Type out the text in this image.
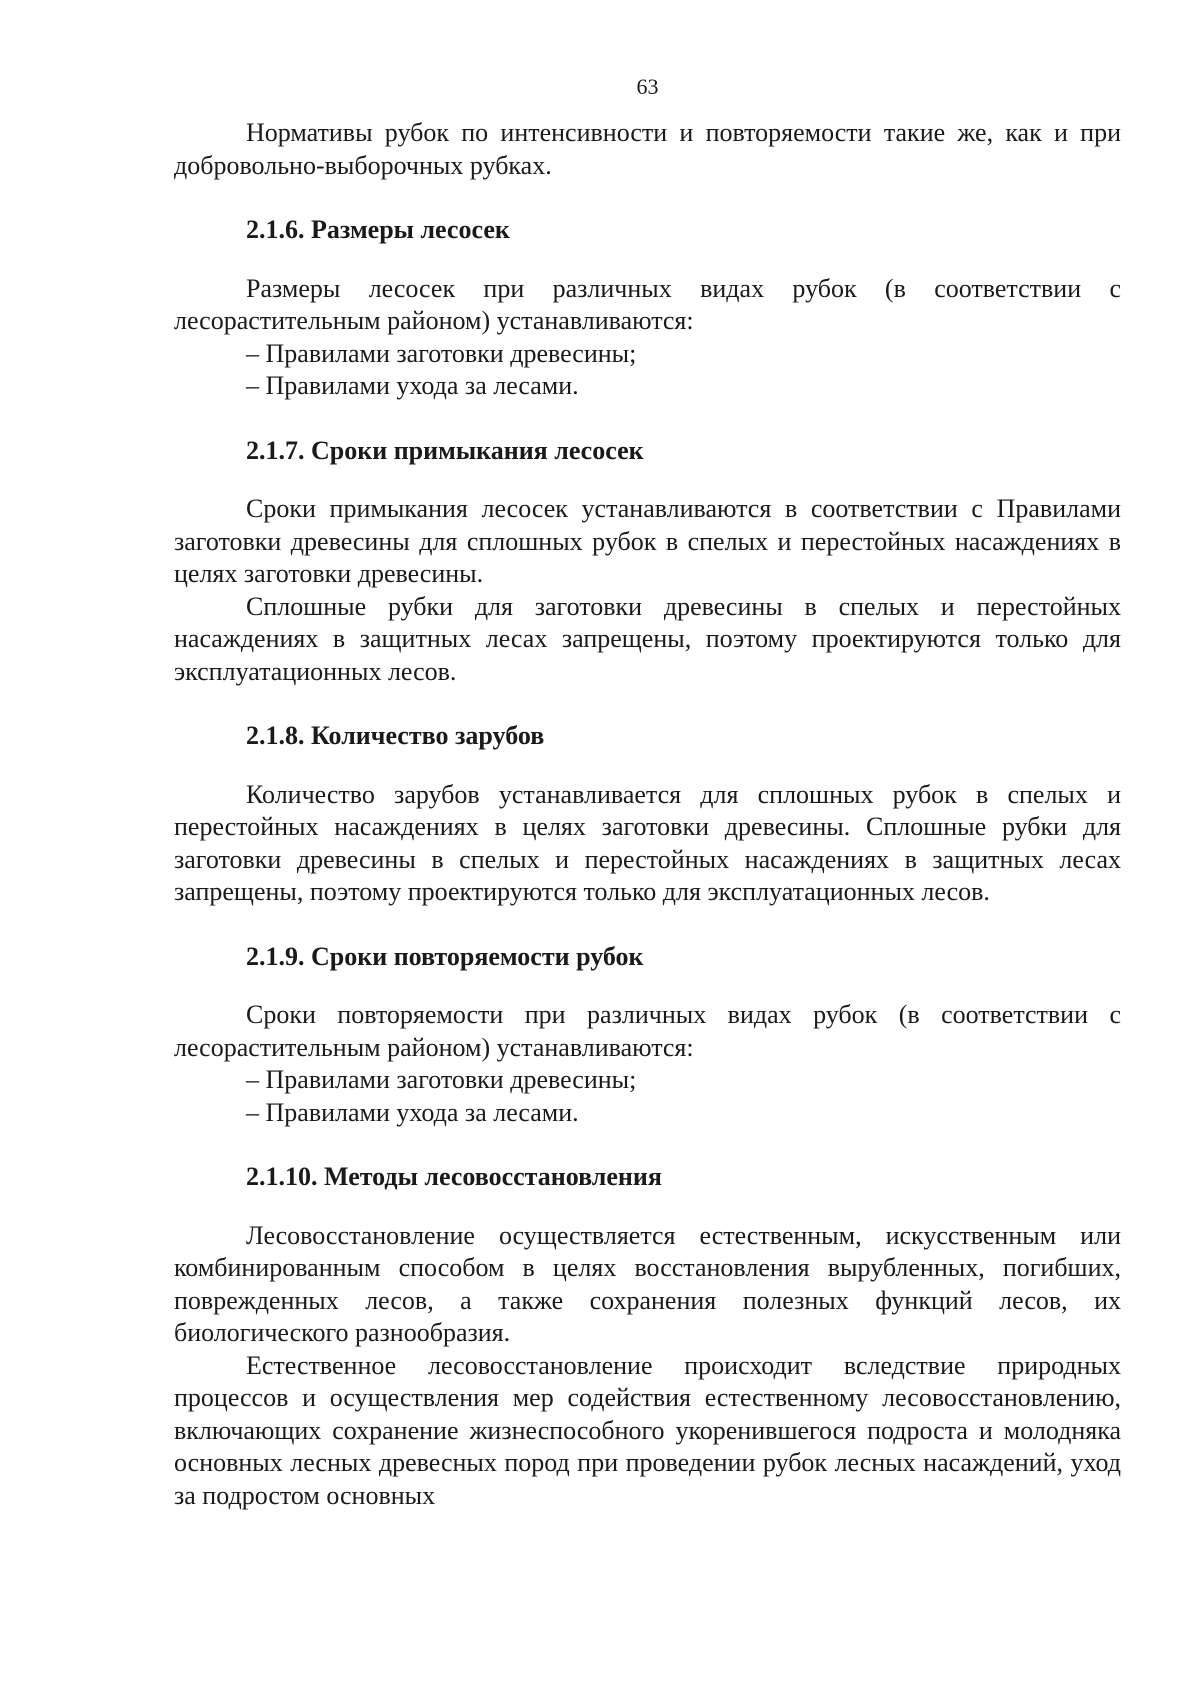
63

Нормативы рубок по интенсивности и повторяемости такие же, как и при добровольно-выборочных рубках.

2.1.6. Размеры лесосек

Размеры лесосек при различных видах рубок (в соответствии с лесорастительным районом) устанавливаются:

– Правилами заготовки древесины;
– Правилами ухода за лесами.
2.1.7. Сроки примыкания лесосек

Сроки примыкания лесосек устанавливаются в соответствии с Правилами заготовки древесины для сплошных рубок в спелых и перестойных насаждениях в целях заготовки древесины.

Сплошные рубки для заготовки древесины в спелых и перестойных насаждениях в защитных лесах запрещены, поэтому проектируются только для эксплуатационных лесов.

2.1.8. Количество зарубов

Количество зарубов устанавливается для сплошных рубок в спелых и перестойных насаждениях в целях заготовки древесины. Сплошные рубки для заготовки древесины в спелых и перестойных насаждениях в защитных лесах запрещены, поэтому проектируются только для эксплуатационных лесов.

2.1.9. Сроки повторяемости рубок

Сроки повторяемости при различных видах рубок (в соответствии с лесорастительным районом) устанавливаются:

– Правилами заготовки древесины;
– Правилами ухода за лесами.
2.1.10. Методы лесовосстановления

Лесовосстановление осуществляется естественным, искусственным или комбинированным способом в целях восстановления вырубленных, погибших, поврежденных лесов, а также сохранения полезных функций лесов, их биологического разнообразия.

Естественное лесовосстановление происходит вследствие природных процессов и осуществления мер содействия естественному лесовосстановлению, включающих сохранение жизнеспособного укоренившегося подроста и молодняка основных лесных древесных пород при проведении рубок лесных насаждений, уход за подростом основных
